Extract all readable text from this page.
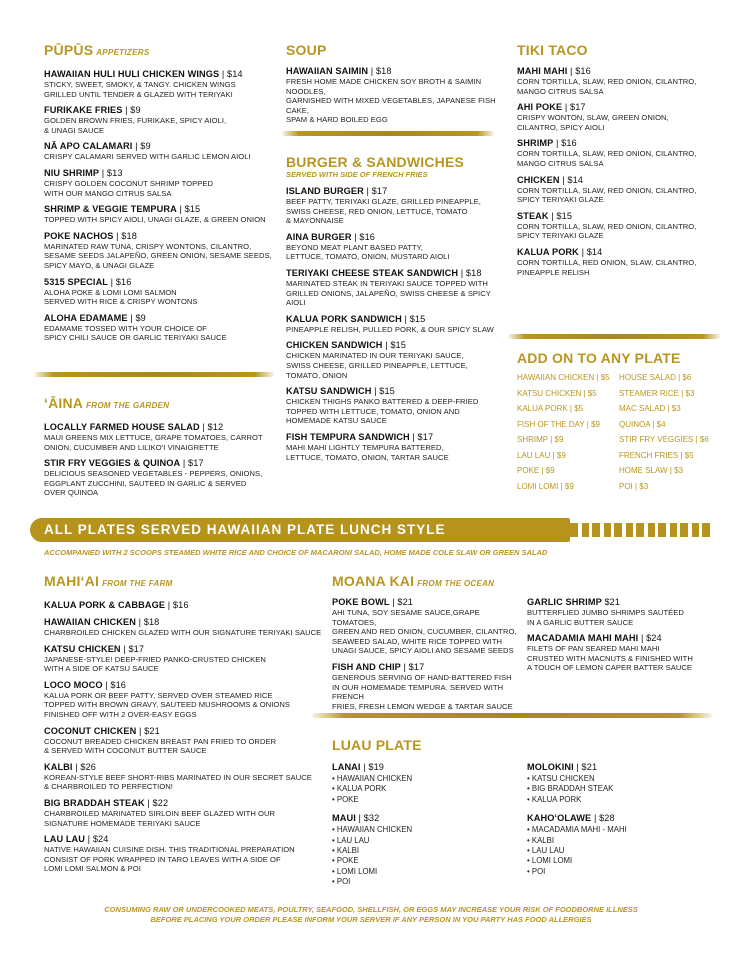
PŪPŪS APPETIZERS
HAWAIIAN HULI HULI CHICKEN WINGS | $14
STICKY, SWEET, SMOKY, & TANGY. CHICKEN WINGS
GRILLED UNTIL TENDER & GLAZED WITH TERIYAKI
FURIKAKE FRIES | $9
GOLDEN BROWN FRIES, FURIKAKE, SPICY AIOLI,
& UNAGI SAUCE
NĀ APO CALAMARI | $9
CRISPY CALAMARI SERVED WITH GARLIC LEMON AIOLI
NIU SHRIMP | $13
CRISPY GOLDEN COCONUT SHRIMP TOPPED
WITH OUR MANGO CITRUS SALSA
SHRIMP & VEGGIE TEMPURA | $15
TOPPED WITH SPICY AIOLI, UNAGI GLAZE, & GREEN ONION
POKE NACHOS | $18
MARINATED RAW TUNA, CRISPY WONTONS, CILANTRO,
SESAME SEEDS JALAPEÑO, GREEN ONION, SESAME SEEDS,
SPICY MAYO, & UNAGI GLAZE
5315 SPECIAL | $16
ALOHA POKE & LOMI LOMI SALMON
SERVED WITH RICE & CRISPY WONTONS
ALOHA EDAMAME | $9
EDAMAME TOSSED WITH YOUR CHOICE OF
SPICY CHILI SAUCE OR GARLIC TERIYAKI SAUCE
ʻĀINA FROM THE GARDEN
LOCALLY FARMED HOUSE SALAD | $12
MAUI GREENS MIX LETTUCE, GRAPE TOMATOES, CARROT
ONION, CUCUMBER AND LILIKO'I VINAIGRETTE
STIR FRY VEGGIES & QUINOA | $17
DELICIOUS SEASONED VEGETABLES - PEPPERS, ONIONS,
EGGPLANT ZUCCHINI, SAUTEED IN GARLIC & SERVED
OVER QUINOA
SOUP
HAWAIIAN SAIMIN | $18
FRESH HOME MADE CHICKEN SOY BROTH & SAIMIN NOODLES,
GARNISHED WITH MIXED VEGETABLES, JAPANESE FISH CAKE,
SPAM & HARD BOILED EGG
BURGER & SANDWICHES
SERVED WITH SIDE OF FRENCH FRIES
ISLAND BURGER | $17
BEEF PATTY, TERIYAKI GLAZE, GRILLED PINEAPPLE,
SWISS CHEESE, RED ONION, LETTUCE, TOMATO
& MAYONNAISE
AINA BURGER | $16
BEYOND MEAT PLANT BASED PATTY,
LETTUCE, TOMATO, ONION, MUSTARD AIOLI
TERIYAKI CHEESE STEAK SANDWICH | $18
MARINATED STEAK IN TERIYAKI SAUCE TOPPED WITH
GRILLED ONIONS, JALAPEÑO, SWISS CHEESE & SPICY AIOLI
KALUA PORK SANDWICH | $15
PINEAPPLE RELISH, PULLED PORK, & OUR SPICY SLAW
CHICKEN SANDWICH | $15
CHICKEN MARINATED IN OUR TERIYAKI SAUCE,
SWISS CHEESE, GRILLED PINEAPPLE, LETTUCE,
TOMATO, ONION
KATSU SANDWICH | $15
CHICKEN THIGHS PANKO BATTERED & DEEP-FRIED
TOPPED WITH LETTUCE, TOMATO, ONION AND
HOMEMADE KATSU SAUCE
FISH TEMPURA SANDWICH | $17
MAHI MAHI LIGHTLY TEMPURA BATTERED,
LETTUCE, TOMATO, ONION, TARTAR SAUCE
TIKI TACO
MAHI MAHI | $16
CORN TORTILLA, SLAW, RED ONION, CILANTRO,
MANGO CITRUS SALSA
AHI POKE | $17
CRISPY WONTON, SLAW, GREEN ONION,
CILANTRO, SPICY AIOLI
SHRIMP | $16
CORN TORTILLA, SLAW, RED ONION, CILANTRO,
MANGO CITRUS SALSA
CHICKEN | $14
CORN TORTILLA, SLAW, RED ONION, CILANTRO,
SPICY TERIYAKI GLAZE
STEAK | $15
CORN TORTILLA, SLAW, RED ONION, CILANTRO,
SPICY TERIYAKI GLAZE
KALUA PORK | $14
CORN TORTILLA, RED ONION, SLAW, CILANTRO,
PINEAPPLE RELISH
ADD ON TO ANY PLATE
HAWAIIAN CHICKEN | $5
KATSU CHICKEN | $5
KALUA PORK | $5
FISH OF THE DAY | $9
SHRIMP | $9
LAU LAU | $9
POKE | $9
LOMI LOMI | $9
HOUSE SALAD | $6
STEAMER RICE | $3
MAC SALAD | $3
QUINOA | $4
STIR FRY VEGGIES | $6
FRENCH FRIES | $5
HOME SLAW | $3
POI | $3
ALL PLATES SERVED HAWAIIAN PLATE LUNCH STYLE
ACCOMPANIED WITH 2 SCOOPS STEAMED WHITE RICE AND CHOICE OF MACARONI SALAD, HOME MADE COLE SLAW OR GREEN SALAD
MAHIʻAI FROM THE FARM
KALUA PORK & CABBAGE | $16
HAWAIIAN CHICKEN | $18
CHARBROILED CHICKEN GLAZED WITH OUR SIGNATURE TERIYAKI SAUCE
KATSU CHICKEN | $17
JAPANESE-STYLE! DEEP-FRIED PANKO-CRUSTED CHICKEN
WITH A SIDE OF KATSU SAUCE
LOCO MOCO | $16
KALUA PORK OR BEEF PATTY, SERVED OVER STEAMED RICE
TOPPED WITH BROWN GRAVY, SAUTEED MUSHROOMS & ONIONS
FINISHED OFF WITH 2 OVER-EASY EGGS
COCONUT CHICKEN | $21
COCONUT BREADED CHICKEN BREAST PAN FRIED TO ORDER
& SERVED WITH COCONUT BUTTER SAUCE
KALBI | $26
KOREAN-STYLE BEEF SHORT-RIBS MARINATED IN OUR SECRET SAUCE
& CHARBROILED TO PERFECTION!
BIG BRADDAH STEAK | $22
CHARBROILED MARINATED SIRLOIN BEEF GLAZED WITH OUR
SIGNATURE HOMEMADE TERIYAKI SAUCE
LAU LAU | $24
NATIVE HAWAIIAN CUISINE DISH. THIS TRADITIONAL PREPARATION
CONSIST OF PORK WRAPPED IN TARO LEAVES WITH A SIDE OF
LOMI LOMI SALMON & POI
MOANA KAI FROM THE OCEAN
POKE BOWL | $21
AHI TUNA, SOY SESAME SAUCE,GRAPE TOMATOES,
GREEN AND RED ONION, CUCUMBER, CILANTRO,
SEAWEED SALAD, WHITE RICE TOPPED WITH
UNAGI SAUCE, SPICY AIOLI AND SESAME SEEDS
FISH AND CHIP | $17
GENEROUS SERVING OF HAND-BATTERED FISH
IN OUR HOMEMADE TEMPURA. SERVED WITH FRENCH
FRIES, FRESH LEMON WEDGE & TARTAR SAUCE
GARLIC SHRIMP $21
BUTTERFLIED JUMBO SHRIMPS SAUTÉED
IN A GARLIC BUTTER SAUCE
MACADAMIA MAHI MAHI | $24
FILETS OF PAN SEARED MAHI MAHI
CRUSTED WITH MACNUTS & FINISHED WITH
A TOUCH OF LEMON CAPER BATTER SAUCE
LUAU PLATE
LANAI | $19
• HAWAIIAN CHICKEN
• KALUA PORK
• POKE
MAUI | $32
• HAWAIIAN CHICKEN
• LAU LAU
• KALBI
• POKE
• LOMI LOMI
• POI
MOLOKINI | $21
• KATSU CHICKEN
• BIG BRADDAH STEAK
• KALUA PORK
KAHOʻOLAWE | $28
• MACADAMIA MAHI - MAHI
• KALBI
• LAU LAU
• LOMI LOMI
• POI
CONSUMING RAW OR UNDERCOOKED MEATS, POULTRY, SEAFOOD, SHELLFISH, OR EGGS MAY INCREASE YOUR RISK OF FOODBORNE ILLNESS
BEFORE PLACING YOUR ORDER PLEASE INFORM YOUR SERVER IF ANY PERSON IN YOU PARTY HAS FOOD ALLERGIES
